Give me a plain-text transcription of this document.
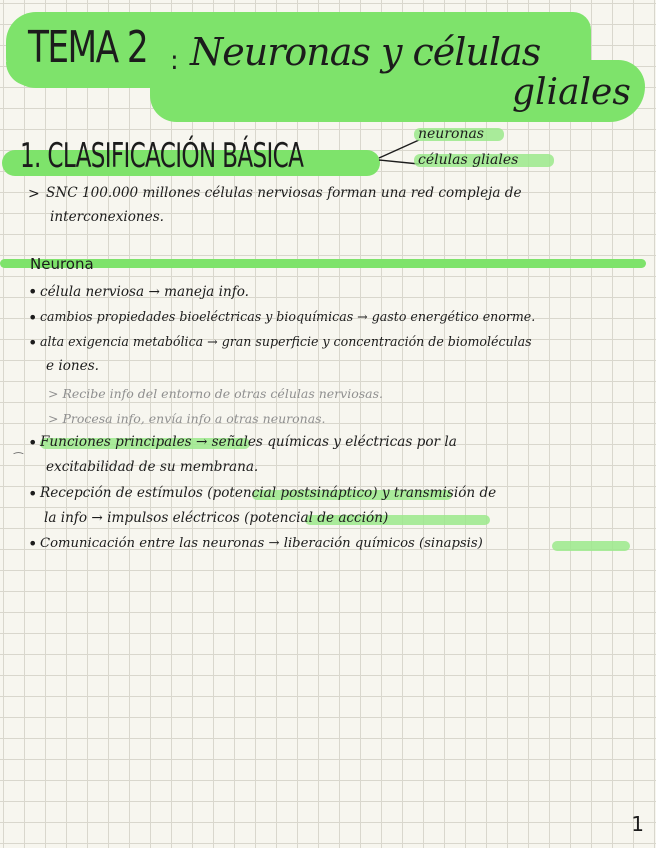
TEMA 2 : Neuronas y células
gliales
1. CLASIFICACIÓN BÁSICA
neuronas
células gliales
> SNC 100.000 millones células nerviosas forman una red compleja de
interconexiones.
Neurona
• célula nerviosa → maneja info.
• cambios propiedades bioeléctricas y bioquímicas → gasto energético enorme.
• alta exigencia metabólica → gran superficie y concentración de biomoléculas
e iones.
> Recibe info del entorno de otras células nerviosas.
> Procesa info, envía info a otras neuronas.
• Funciones principales → señales químicas y eléctricas por la
⁀
excitabilidad de su membrana.
• Recepción de estímulos (potencial postsináptico) y transmisión de
la info → impulsos eléctricos (potencial de acción)
• Comunicación entre las neuronas → liberación químicos (sinapsis)
1
